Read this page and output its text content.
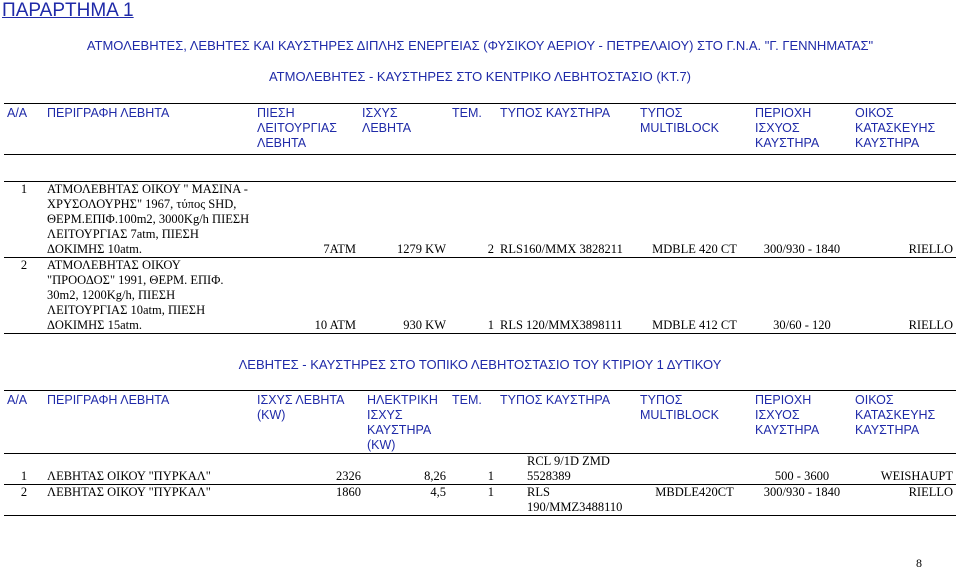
ΠΑΡΑΡΤΗΜΑ 1
ΑΤΜΟΛΕΒΗΤΕΣ, ΛΕΒΗΤΕΣ ΚΑΙ ΚΑΥΣΤΗΡΕΣ ΔΙΠΛΗΣ ΕΝΕΡΓΕΙΑΣ (ΦΥΣΙΚΟΥ ΑΕΡΙΟΥ - ΠΕΤΡΕΛΑΙΟΥ) ΣΤΟ Γ.Ν.Α. "Γ. ΓΕΝΝΗΜΑΤΑΣ"
ΑΤΜΟΛΕΒΗΤΕΣ - ΚΑΥΣΤΗΡΕΣ ΣΤΟ ΚΕΝΤΡΙΚΟ ΛΕΒΗΤΟΣΤΑΣΙΟ (ΚΤ.7)
Α/Α	ΠΕΡΙΓΡΑΦΗ ΛΕΒΗΤΑ	ΠΙΕΣΗ ΛΕΙΤΟΥΡΓΙΑΣ ΛΕΒΗΤΑ	ΙΣΧΥΣ ΛΕΒΗΤΑ	ΤΕΜ.	ΤΥΠΟΣ ΚΑΥΣΤΗΡΑ	ΤΥΠΟΣ MULTIBLOCK	ΠΕΡΙΟΧΗ ΙΣΧΥΟΣ ΚΑΥΣΤΗΡΑ	ΟΙΚΟΣ ΚΑΤΑΣΚΕΥΗΣ ΚΑΥΣΤΗΡΑ

1	ΑΤΜΟΛΕΒΗΤΑΣ ΟΙΚΟΥ " ΜΑΣΙΝΑ - ΧΡΥΣΟΛΟΥΡΗΣ" 1967, τύπος SHD, ΘΕΡΜ.ΕΠΙΦ.100m2, 3000Kg/h ΠΙΕΣΗ ΛΕΙΤΟΥΡΓΙΑΣ 7atm, ΠΙΕΣΗ ΔΟΚΙΜΗΣ 10atm.	7ATM	1279 KW	2	RLS160/MMX 3828211	MDBLE 420 CT	300/930 - 1840	RIELLO
2	ΑΤΜΟΛΕΒΗΤΑΣ ΟΙΚΟΥ "ΠΡΟΟΔΟΣ" 1991, ΘΕΡΜ. ΕΠΙΦ. 30m2, 1200Kg/h, ΠΙΕΣΗ ΛΕΙΤΟΥΡΓΙΑΣ 10atm, ΠΙΕΣΗ ΔΟΚΙΜΗΣ 15atm.	10 ATM	930 KW	1	RLS 120/MMX3898111	MDBLE 412 CT	30/60 - 120	RIELLO
ΛΕΒΗΤΕΣ - ΚΑΥΣΤΗΡΕΣ ΣΤΟ ΤΟΠΙΚΟ ΛΕΒΗΤΟΣΤΑΣΙΟ ΤΟΥ ΚΤΙΡΙΟΥ 1 ΔΥΤΙΚΟΥ
Α/Α	ΠΕΡΙΓΡΑΦΗ ΛΕΒΗΤΑ	ΙΣΧΥΣ ΛΕΒΗΤΑ (KW)	ΗΛΕΚΤΡΙΚΗ ΙΣΧΥΣ ΚΑΥΣΤΗΡΑ (KW)	ΤΕΜ.	ΤΥΠΟΣ ΚΑΥΣΤΗΡΑ	ΤΥΠΟΣ MULTIBLOCK	ΠΕΡΙΟΧΗ ΙΣΧΥΟΣ ΚΑΥΣΤΗΡΑ	ΟΙΚΟΣ ΚΑΤΑΣΚΕΥΗΣ ΚΑΥΣΤΗΡΑ
1	ΛΕΒΗΤΑΣ ΟΙΚΟΥ "ΠΥΡΚΑΛ"	2326	8,26	1	RCL 9/1D ZMD 5528389		500 - 3600	WEISHAUPT
2	ΛΕΒΗΤΑΣ ΟΙΚΟΥ "ΠΥΡΚΑΛ"	1860	4,5	1	RLS 190/MMZ3488110	MBDLE420CT	300/930 - 1840	RIELLO
8
